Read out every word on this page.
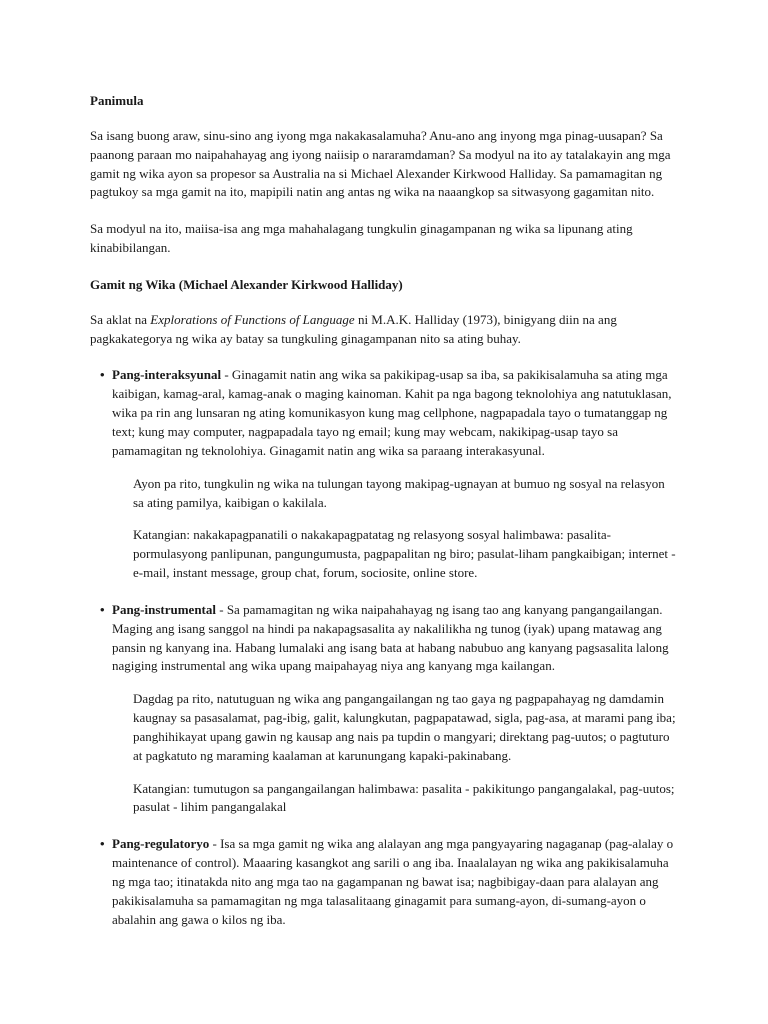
Panimula

Sa isang buong araw, sinu-sino ang iyong mga nakakasalamuha? Anu-ano ang inyong mga pinag-uusapan? Sa paanong paraan mo naipahahayag ang iyong naiisip o nararamdaman? Sa modyul na ito ay tatalakayin ang mga gamit ng wika ayon sa propesor sa Australia na si Michael Alexander Kirkwood Halliday. Sa pamamagitan ng pagtukoy sa mga gamit na ito, mapipili natin ang antas ng wika na naaangkop sa sitwasyong gagamitan nito.

Sa modyul na ito, maiisa-isa ang mga mahahalagang tungkulin ginagampanan ng wika sa lipunang ating kinabibilangan.

Gamit ng Wika (Michael Alexander Kirkwood Halliday)

Sa aklat na Explorations of Functions of Language ni M.A.K. Halliday (1973), binigyang diin na ang pagkakategorya ng wika ay batay sa tungkuling ginagampanan nito sa ating buhay.

• Pang-interaksyunal - Ginagamit natin ang wika sa pakikipag-usap sa iba, sa pakikisalamuha sa ating mga kaibigan, kamag-aral, kamag-anak o maging kainoman. Kahit pa nga bagong teknolohiya ang natutuklasan, wika pa rin ang lunsaran ng ating komunikasyon kung mag cellphone, nagpapadala tayo o tumatanggap ng text; kung may computer, nagpapadala tayo ng email; kung may webcam, nakikipag-usap tayo sa pamamagitan ng teknolohiya. Ginagamit natin ang wika sa paraang interakasyunal.

Ayon pa rito, tungkulin ng wika na tulungan tayong makipag-ugnayan at bumuo ng sosyal na relasyon sa ating pamilya, kaibigan o kakilala.

Katangian: nakakapagpanatili o nakakapagpatatag ng relasyong sosyal halimbawa: pasalita-pormulasyong panlipunan, pangungumusta, pagpapalitan ng biro; pasulat-liham pangkaibigan; internet - e-mail, instant message, group chat, forum, sociosite, online store.

• Pang-instrumental - Sa pamamagitan ng wika naipahahayag ng isang tao ang kanyang pangangailangan. Maging ang isang sanggol na hindi pa nakapagsasalita ay nakalilikha ng tunog (iyak) upang matawag ang pansin ng kanyang ina. Habang lumalaki ang isang bata at habang nabubuo ang kanyang pagsasalita lalong nagiging instrumental ang wika upang maipahayag niya ang kanyang mga kailangan.

Dagdag pa rito, natutuguan ng wika ang pangangailangan ng tao gaya ng pagpapahayag ng damdamin kaugnay sa pasasalamat, pag-ibig, galit, kalungkutan, pagpapatawad, sigla, pag-asa, at marami pang iba; panghihikayat upang gawin ng kausap ang nais pa tupdin o mangyari; direktang pag-uutos; o pagtuturo at pagkatuto ng maraming kaalaman at karunungang kapaki-pakinabang.

Katangian: tumutugon sa pangangailangan halimbawa: pasalita - pakikitungo pangangalakal, pag-uutos; pasulat - lihim pangangalakal

• Pang-regulatoryo - Isa sa mga gamit ng wika ang alalayan ang mga pangyayaring nagaganap (pag-alalay o maintenance of control). Maaaring kasangkot ang sarili o ang iba. Inaalalayan ng wika ang pakikisalamuha ng mga tao; itinatakda nito ang mga tao na gagampanan ng bawat isa; nagbibigay-daan para alalayan ang pakikisalamuha sa pamamagitan ng mga talasalitaang ginagamit para sumang-ayon, di-sumang-ayon o abalahin ang gawa o kilos ng iba.
